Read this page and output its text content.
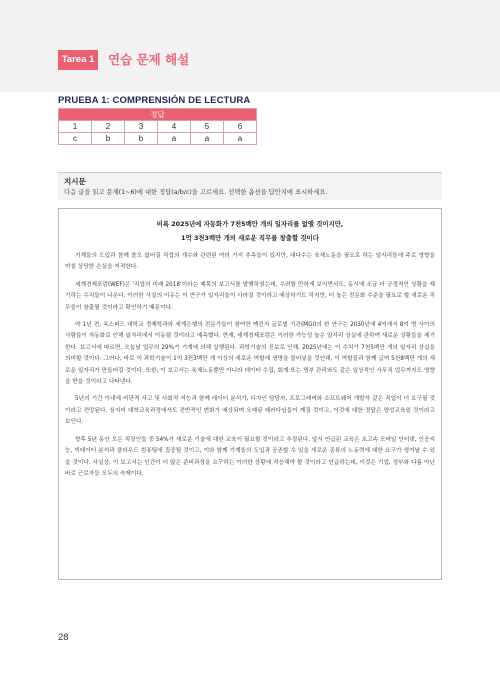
Tarea 1 연습 문제 해설
PRUEBA 1: COMPRENSIÓN DE LECTURA
정답					
1	2	3	4	5	6
c	b	b	a	a	a
지시문
다음 글을 읽고 문제(1~6)에 대한 정답(a/b/c)을 고르세요. 선택한 옵션을 답안지에 표시하세요.
비록 2025년에 자동화가 7천5백만 개의 일자리를 없앨 것이지만,
1억 3천3백만 개의 새로운 직무를 창출할 것이다

기계들의 도입과 함께 쓸모 없어질 직업의 개수와 관련된 여러 가지 추측들이 있지만, 대다수는 육체노동을 필요로 하는 일자리들에 주로 영향을 미칠 상당한 손실을 지적한다.

세계경제포럼(WEF)은 '직업의 미래 2018'이라는 제목의 보고서를 발행하였는데, 우려할 만하게 보이면서도, 동시에 조금 더 긍정적인 상황을 제기하는 수치들이 나온다. 이러한 사실의 이유는 이 연구가 일자리들이 사라질 것이라고 예상하기도 하지만, 더 높은 전문화 수준을 필요로 할 새로운 직무들이 창출될 것이라고 확언하기 때문이다.

약 1년 전, 옥스퍼드 대학교 경제학과와 세계은행의 전문가들이 참여한 맥킨지 글로벌 기관(MGI)의 한 연구는 2030년에 4억에서 8억 명 사이의 사람들이 자동화로 인해 일자리에서 이동될 것이라고 예측했다. 현재, 세계경제포럼은 이러한 가능성 높은 일자리 상실에 관하여 새로운 상황들을 제기한다. 보고서에 따르면, 오늘날 업무의 29%가 기계에 의해 실행된다. 과학기술의 진보로 인해, 2025년에는 이 수치가 7천5백만 개의 일자리 상실을 의미할 것이다. 그러나, 바로 이 과학기술이 1억 3천3백만 개 이상의 새로운 역할에 생명을 불어넣을 것인데, 이 역할들과 함께 급여 5천8백만 개의 새로운 일자리가 만들어질 것이다. 또한, 이 보고서는 육체노동뿐만 아니라 데이터 수집, 회계 또는 명부 관리와도 같은 일상적인 사무직 업무까지도 영향을 받을 것이라고 나타낸다.

5년의 기간 이내에 비판적 사고 및 사회적 지능과 함께 데이터 분석가, 디자인 담당자, 프로그래머와 소프트웨어 개발자 같은 직업이 더 요구될 것이라고 전망된다. 심지어 대학교육과정에서도 전반적인 변화가 예상되며 오래된 패러다임들이 깨질 것이고, 이것에 대한 정답은 양성교육일 것이라고 보인다.

향후 5년 동안 모든 직장인들 중 54%가 새로운 기술에 대한 교육이 필요할 것이라고 추정된다. 앞서 언급된 교육은 초고속 모바일 인터넷, 인공지능, 빅데이터 분석과 클라우드 컴퓨팅에 집중될 것이고, 이와 함께 기계들의 도입과 공존할 수 있을 새로운 종류의 노동력에 대한 요구가 생겨날 수 있을 것이다. 사실상, 이 보고서는 인간이 더 많은 준비과정을 요구하는 이러한 상황에 적응해야 할 것이라고 언급하는데, 이것은 기업, 정부와 다름 아닌 바로 근로자들 모두의 숙제이다.

28
